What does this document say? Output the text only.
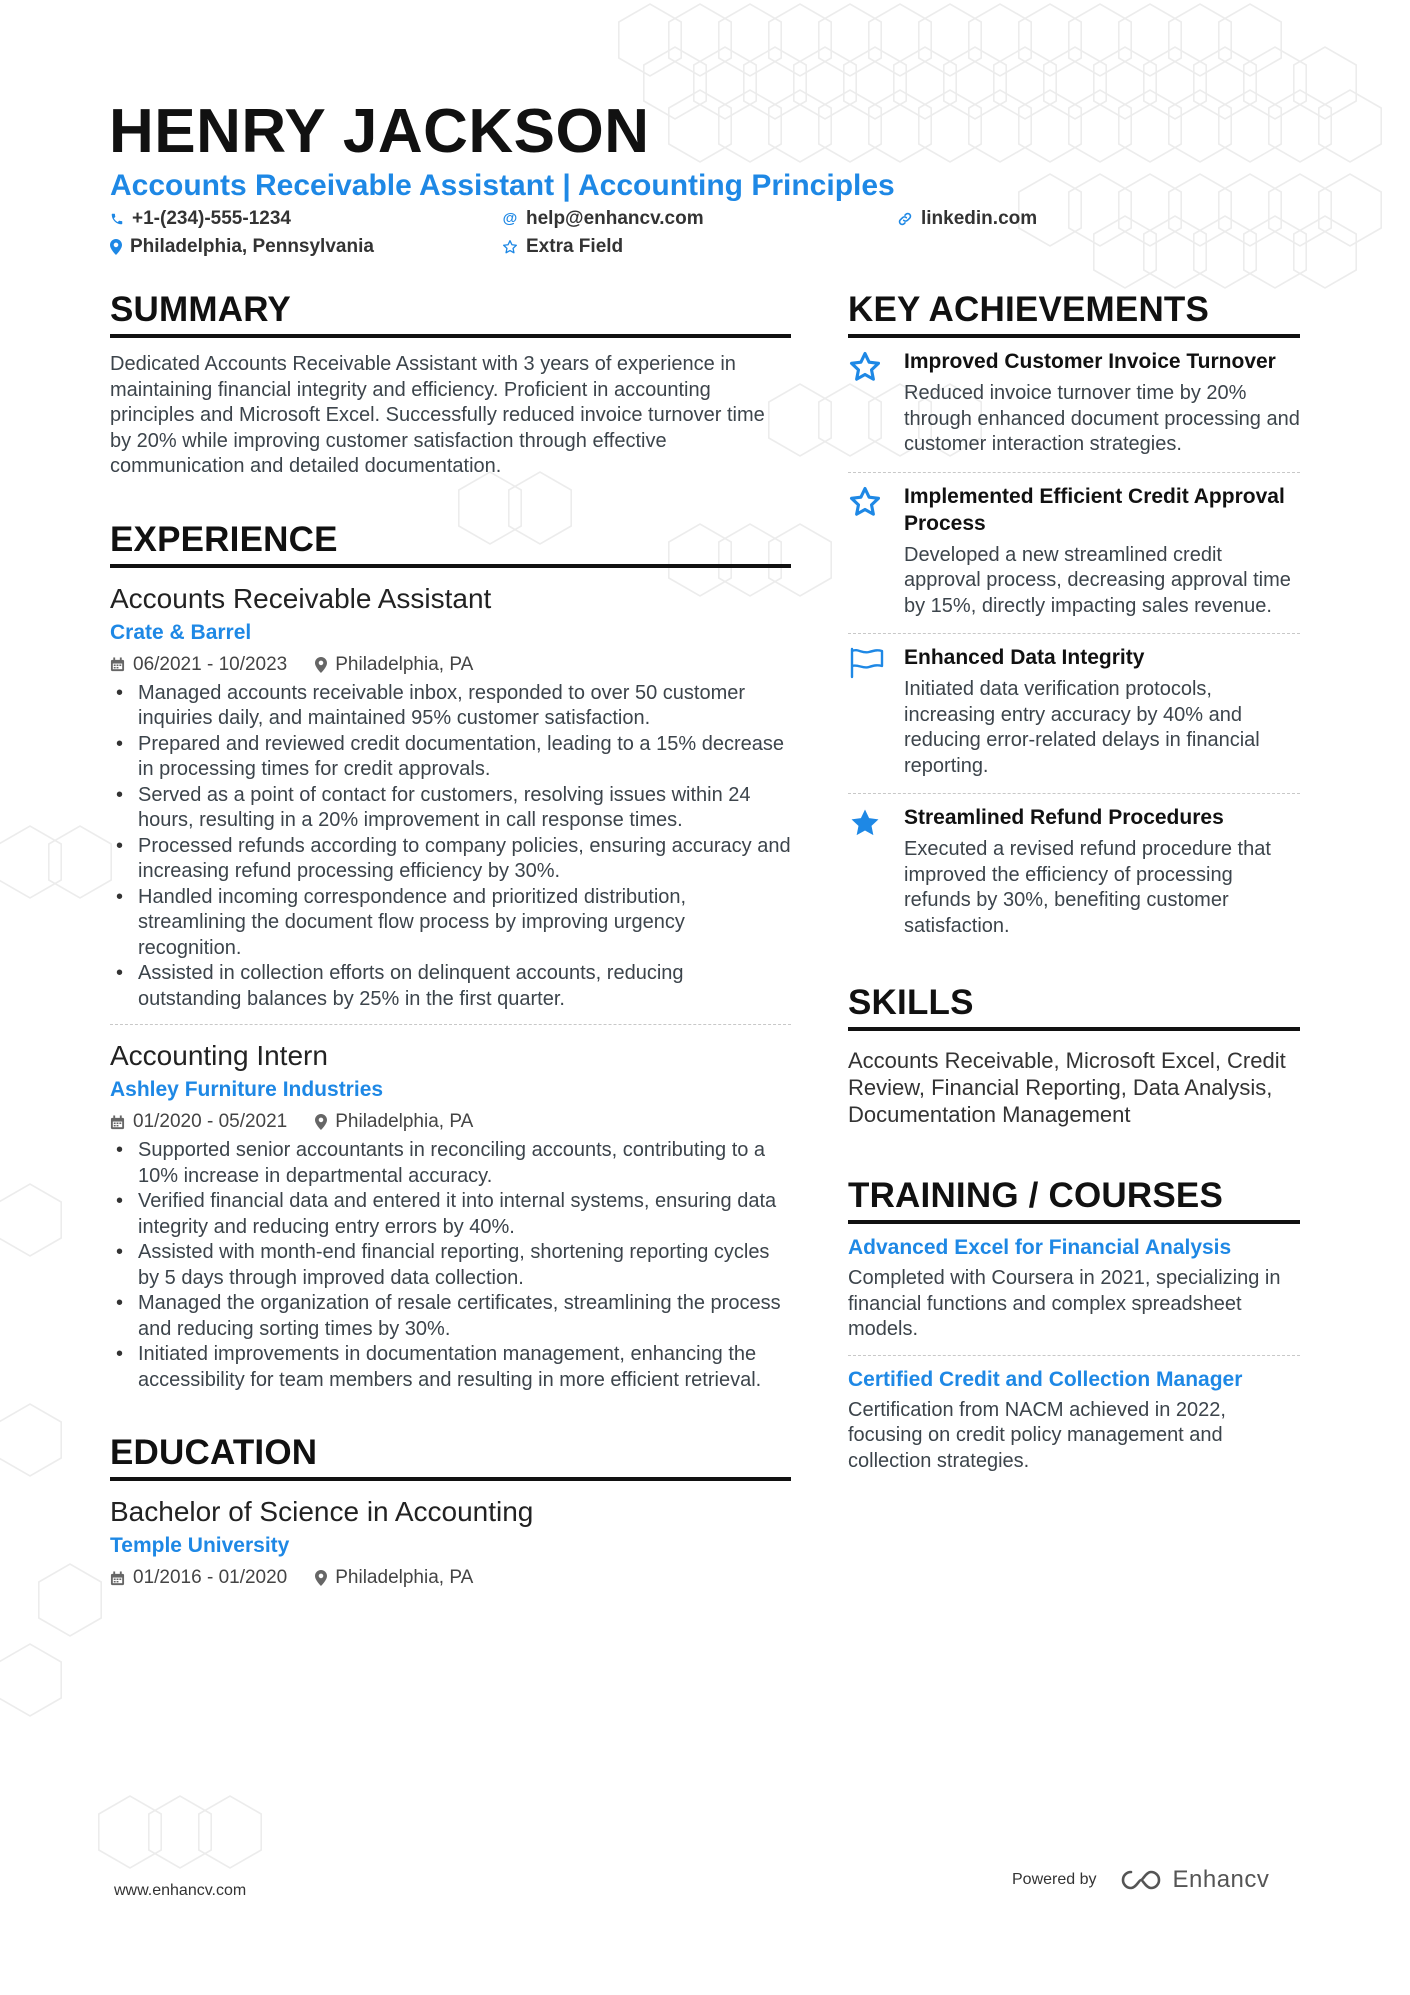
HENRY JACKSON
Accounts Receivable Assistant | Accounting Principles
+1-(234)-555-1234	@ help@enhancv.com	linkedin.com
Philadelphia, Pennsylvania	Extra Field
SUMMARY

Dedicated Accounts Receivable Assistant with 3 years of experience in maintaining financial integrity and efficiency. Proficient in accounting principles and Microsoft Excel. Successfully reduced invoice turnover time by 20% while improving customer satisfaction through effective communication and detailed documentation.

EXPERIENCE
Accounts Receivable Assistant
Crate & Barrel
06/2021 - 10/2023	Philadelphia, PA
• Managed accounts receivable inbox, responded to over 50 customer inquiries daily, and maintained 95% customer satisfaction.
• Prepared and reviewed credit documentation, leading to a 15% decrease in processing times for credit approvals.
• Served as a point of contact for customers, resolving issues within 24 hours, resulting in a 20% improvement in call response times.
• Processed refunds according to company policies, ensuring accuracy and increasing refund processing efficiency by 30%.
• Handled incoming correspondence and prioritized distribution, streamlining the document flow process by improving urgency recognition.
• Assisted in collection efforts on delinquent accounts, reducing outstanding balances by 25% in the first quarter.
Accounting Intern
Ashley Furniture Industries
01/2020 - 05/2021	Philadelphia, PA
• Supported senior accountants in reconciling accounts, contributing to a 10% increase in departmental accuracy.
• Verified financial data and entered it into internal systems, ensuring data integrity and reducing entry errors by 40%.
• Assisted with month-end financial reporting, shortening reporting cycles by 5 days through improved data collection.
• Managed the organization of resale certificates, streamlining the process and reducing sorting times by 30%.
• Initiated improvements in documentation management, enhancing the accessibility for team members and resulting in more efficient retrieval.
EDUCATION
Bachelor of Science in Accounting
Temple University
01/2016 - 01/2020	Philadelphia, PA
KEY ACHIEVEMENTS
Improved Customer Invoice Turnover
Reduced invoice turnover time by 20% through enhanced document processing and customer interaction strategies.
Implemented Efficient Credit Approval Process
Developed a new streamlined credit approval process, decreasing approval time by 15%, directly impacting sales revenue.
Enhanced Data Integrity
Initiated data verification protocols, increasing entry accuracy by 40% and reducing error-related delays in financial reporting.
Streamlined Refund Procedures
Executed a revised refund procedure that improved the efficiency of processing refunds by 30%, benefiting customer satisfaction.
SKILLS

Accounts Receivable, Microsoft Excel, Credit Review, Financial Reporting, Data Analysis, Documentation Management

TRAINING / COURSES
Advanced Excel for Financial Analysis
Completed with Coursera in 2021, specializing in financial functions and complex spreadsheet models.
Certified Credit and Collection Manager
Certification from NACM achieved in 2022, focusing on credit policy management and collection strategies.
www.enhancv.com
Powered by	Enhancv
